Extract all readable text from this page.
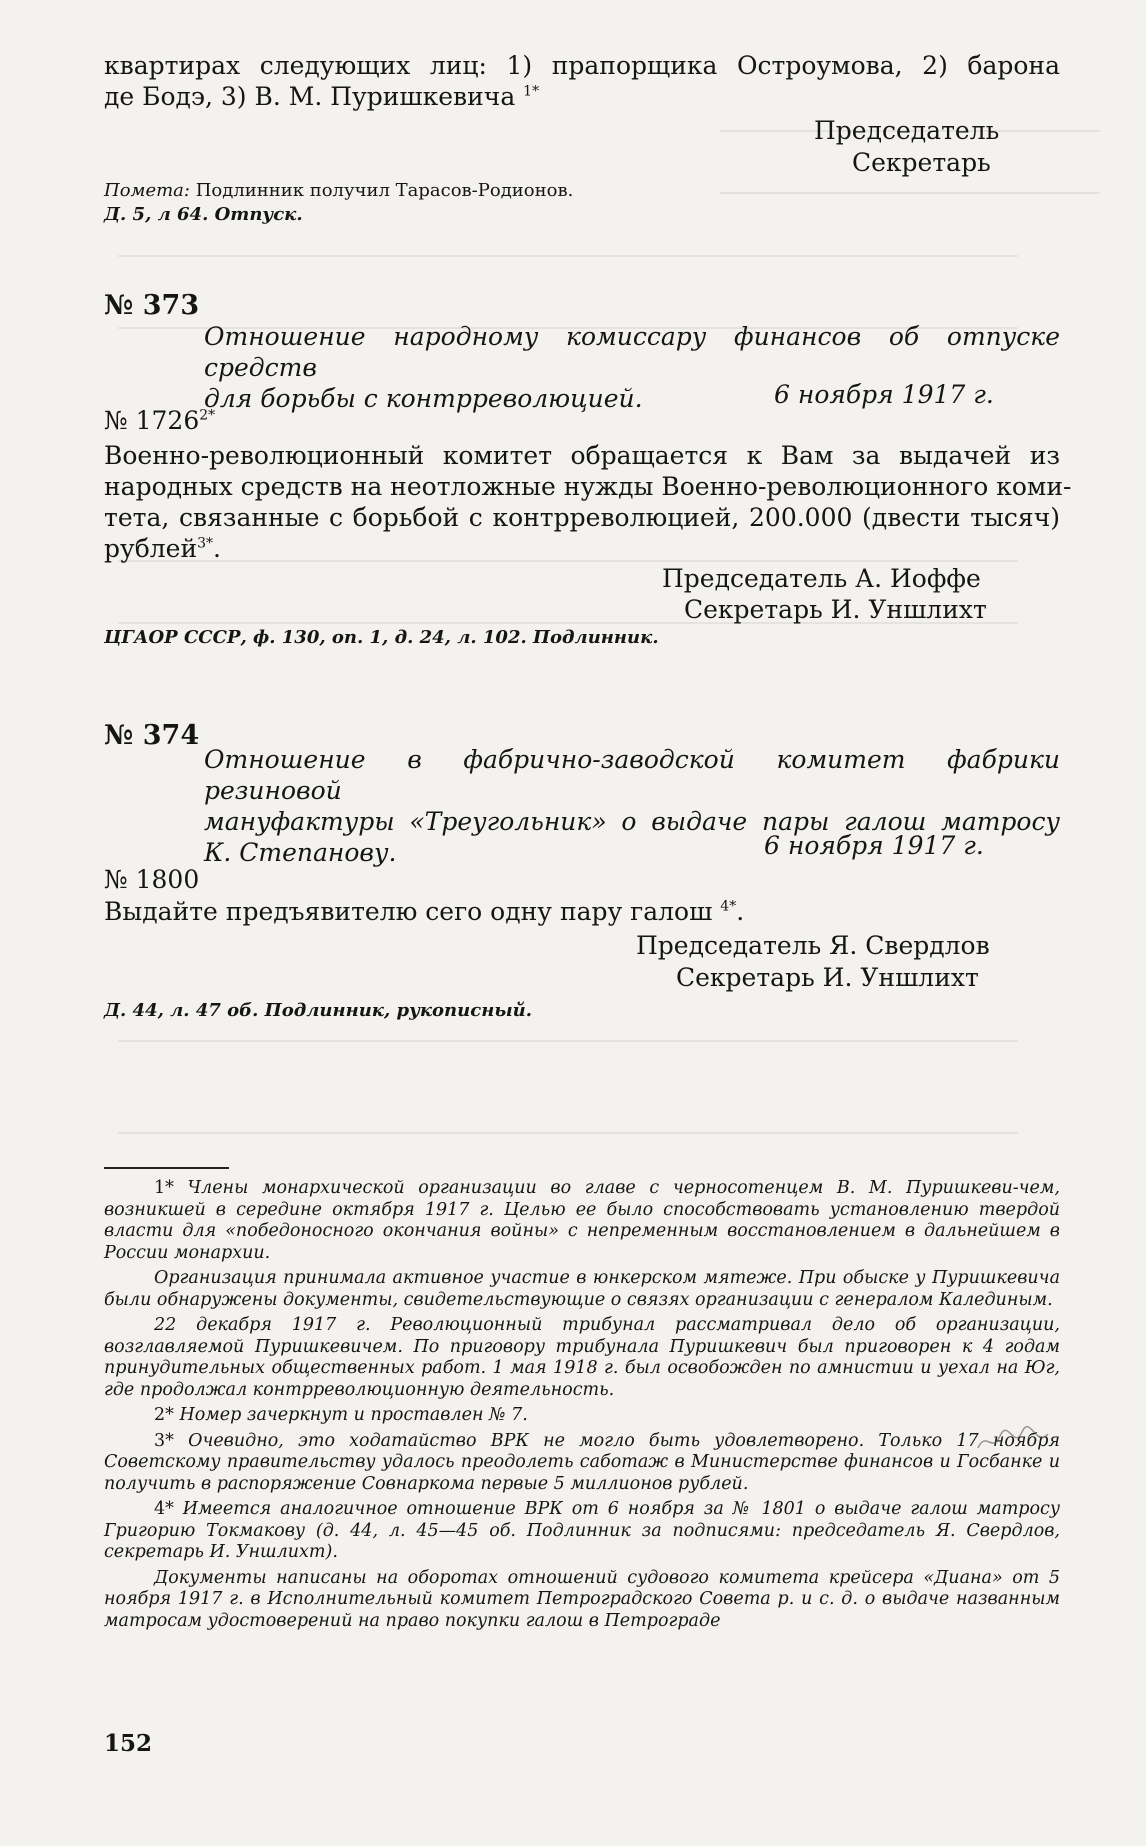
квартирах следующих лиц: 1) прапорщика Остроумова, 2) барона
де Бодэ, 3) В. М. Пуришкевича $^{1*}$
Председатель
Секретарь
Помета: Подлинник получил Тарасов-Родионов.
Д. 5, л 64. Отпуск.
№ 373
Отношение народному комиссару финансов об отпуске средств
для борьбы с контрреволюцией.	6 ноября 1917 г.
№ $1726^{2*}$
Военно-революционный комитет обращается к Вам за выдачей из
народных средств на неотложные нужды Военно-революционного коми-
тета, связанные с борьбой с контрреволюцией, 200.000 (двести тысяч)
рублей$^{3*}$.
Председатель А. Иоффе
Секретарь И. Уншлихт
ЦГАОР СССР, ф. 130, оп. 1, д. 24, л. 102. Подлинник.
№ 374
Отношение в фабрично-заводской комитет фабрики резиновой
мануфактуры «Треугольник» о выдаче пары галош матросу
К. Степанову.	6 ноября 1917 г.
№ 1800
Выдайте предъявителю сего одну пару галош $^{4*}$.
Председатель Я. Свердлов
Секретарь И. Уншлихт
Д. 44, л. 47 об. Подлинник, рукописный.
1* Члены монархической организации во главе с черносотенцем В. М. Пуришкеви-чем, возникшей в середине октября 1917 г. Целью ее было способствовать установлению твердой власти для «победоносного окончания войны» с непременным восстановлением в дальнейшем в России монархии.
Организация принимала активное участие в юнкерском мятеже. При обыске у Пуришкевича были обнаружены документы, свидетельствующие о связях организации с генералом Калединым.
22 декабря 1917 г. Революционный трибунал рассматривал дело об организации, возглавляемой Пуришкевичем. По приговору трибунала Пуришкевич был приговорен к 4 годам принудительных общественных работ. 1 мая 1918 г. был освобожден по амнистии и уехал на Юг, где продолжал контрреволюционную деятельность.
2* Номер зачеркнут и проставлен № 7.
3* Очевидно, это ходатайство ВРК не могло быть удовлетворено. Только 17 ноября Советскому правительству удалось преодолеть саботаж в Министерстве финансов и Госбанке и получить в распоряжение Совнаркома первые 5 миллионов рублей.
4* Имеется аналогичное отношение ВРК от 6 ноября за № 1801 о выдаче галош матросу Григорию Токмакову (д. 44, л. 45—45 об. Подлинник за подписями: председатель Я. Свердлов, секретарь И. Уншлихт).
Документы написаны на оборотах отношений судового комитета крейсера «Диана» от 5 ноября 1917 г. в Исполнительный комитет Петроградского Совета р. и с. д. о выдаче названным матросам удостоверений на право покупки галош в Петрограде
152
